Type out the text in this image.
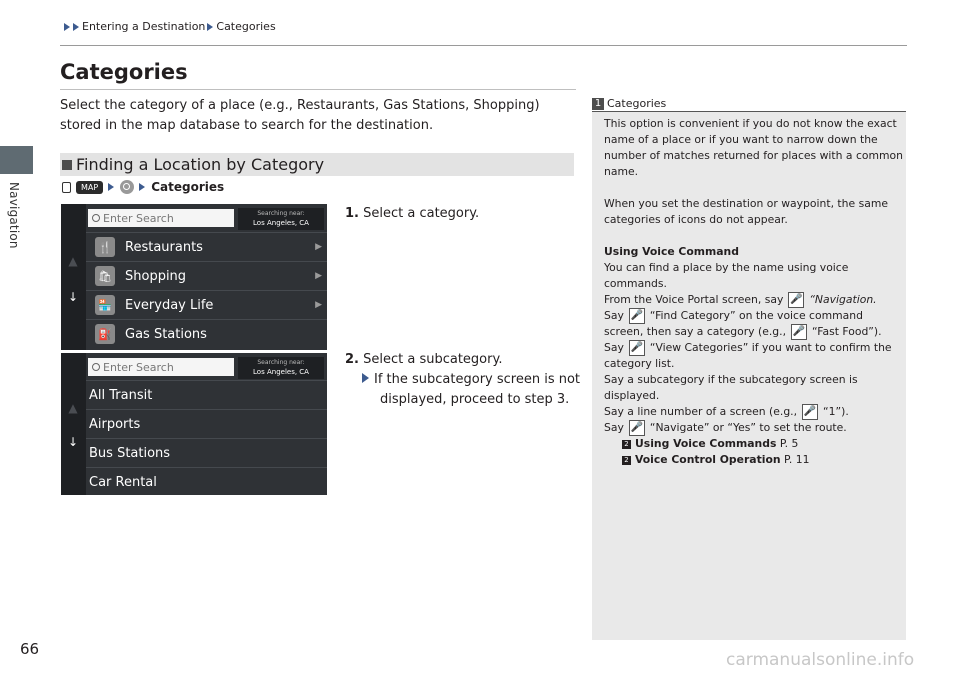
Navigation
Entering a Destination Categories
Categories
Select the category of a place (e.g., Restaurants, Gas Stations, Shopping) stored in the map database to search for the destination.
Finding a Location by Category
MAP	Categories
▲
↓
Enter Search	Searching near:
Los Angeles, CA
🍴 Restaurants	▶
🛍 Shopping	▶
🏪 Everyday Life	▶
⛽ Gas Stations
▲
↓
Enter Search	Searching near:
Los Angeles, CA
All Transit
Airports
Bus Stations
Car Rental
1. Select a category.
2. Select a subcategory.
If the subcategory screen is not
displayed, proceed to step 3.
1 Categories

This option is convenient if you do not know the exact name of a place or if you want to narrow down the number of matches returned for places with a common name.

When you set the destination or waypoint, the same categories of icons do not appear.

Using Voice Command

You can find a place by the name using voice commands.

From the Voice Portal screen, say 🎤 “Navigation.

Say 🎤 “Find Category” on the voice command screen, then say a category (e.g., 🎤 “Fast Food”).

Say 🎤 “View Categories” if you want to confirm the category list.

Say a subcategory if the subcategory screen is displayed.

Say a line number of a screen (e.g., 🎤 “1”).

Say 🎤 “Navigate” or “Yes” to set the route.

2 Using Voice Commands P. 5

2 Voice Control Operation P. 11

66
carmanualsonline.info
